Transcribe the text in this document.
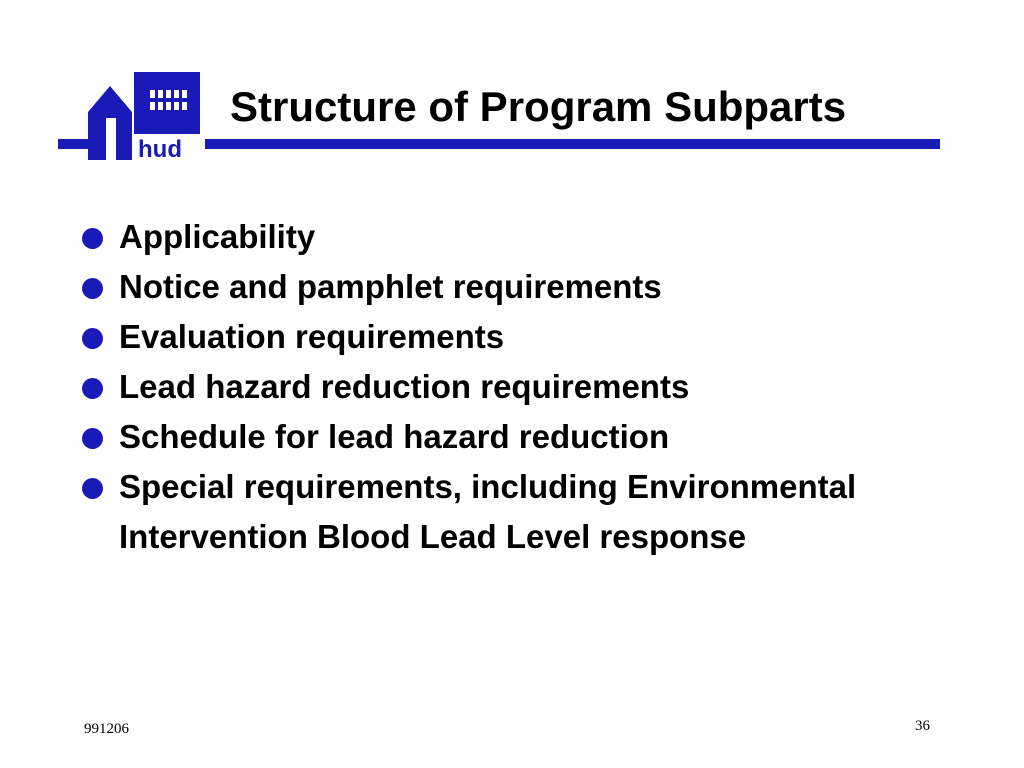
hud
Structure of Program Subparts
Applicability
Notice and pamphlet requirements
Evaluation requirements
Lead hazard reduction requirements
Schedule for lead hazard reduction
Special requirements, including Environmental Intervention Blood Lead Level response
991206	36
